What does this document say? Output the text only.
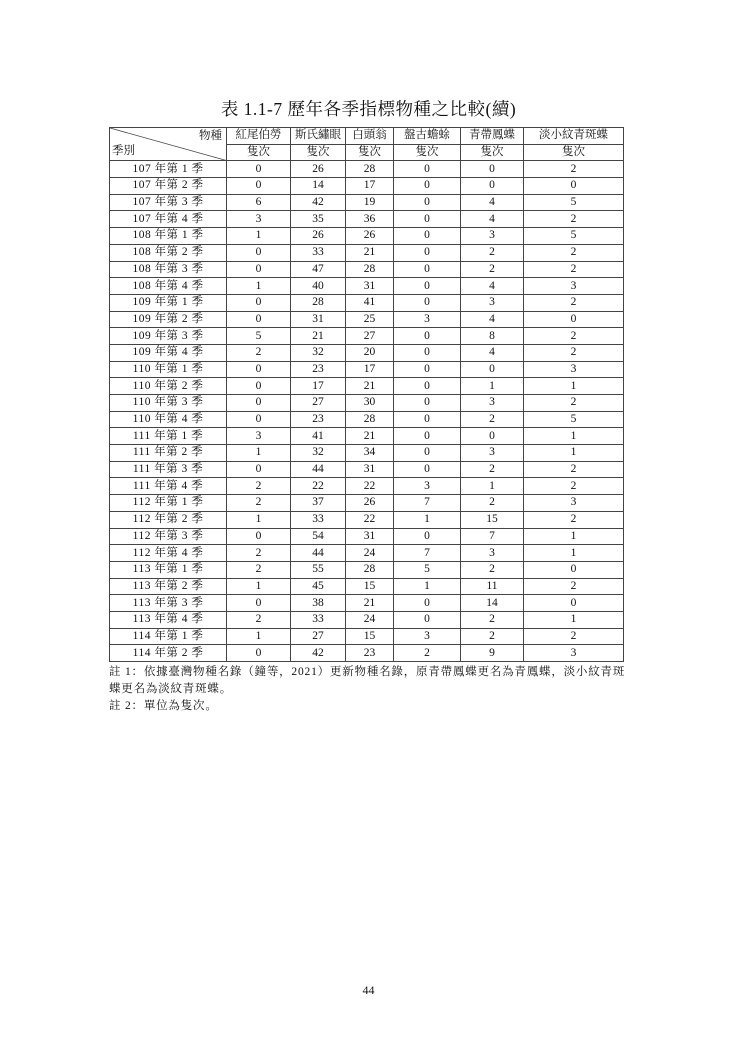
表 1.1-7 歷年各季指標物種之比較(續)
物種
季別	紅尾伯勞	斯氏繡眼	白頭翁	盤古蟾蜍	青帶鳳蝶	淡小紋青斑蝶
	隻次	隻次	隻次	隻次	隻次	隻次
107 年第 1 季	0	26	28	0	0	2
107 年第 2 季	0	14	17	0	0	0
107 年第 3 季	6	42	19	0	4	5
107 年第 4 季	3	35	36	0	4	2
108 年第 1 季	1	26	26	0	3	5
108 年第 2 季	0	33	21	0	2	2
108 年第 3 季	0	47	28	0	2	2
108 年第 4 季	1	40	31	0	4	3
109 年第 1 季	0	28	41	0	3	2
109 年第 2 季	0	31	25	3	4	0
109 年第 3 季	5	21	27	0	8	2
109 年第 4 季	2	32	20	0	4	2
110 年第 1 季	0	23	17	0	0	3
110 年第 2 季	0	17	21	0	1	1
110 年第 3 季	0	27	30	0	3	2
110 年第 4 季	0	23	28	0	2	5
111 年第 1 季	3	41	21	0	0	1
111 年第 2 季	1	32	34	0	3	1
111 年第 3 季	0	44	31	0	2	2
111 年第 4 季	2	22	22	3	1	2
112 年第 1 季	2	37	26	7	2	3
112 年第 2 季	1	33	22	1	15	2
112 年第 3 季	0	54	31	0	7	1
112 年第 4 季	2	44	24	7	3	1
113 年第 1 季	2	55	28	5	2	0
113 年第 2 季	1	45	15	1	11	2
113 年第 3 季	0	38	21	0	14	0
113 年第 4 季	2	33	24	0	2	1
114 年第 1 季	1	27	15	3	2	2
114 年第 2 季	0	42	23	2	9	3
註 1：依據臺灣物種名錄（鐘等，2021）更新物種名錄，原青帶鳳蝶更名為青鳳蝶，淡小紋青斑蝶更名為淡紋青斑蝶。
註 2：單位為隻次。
44
